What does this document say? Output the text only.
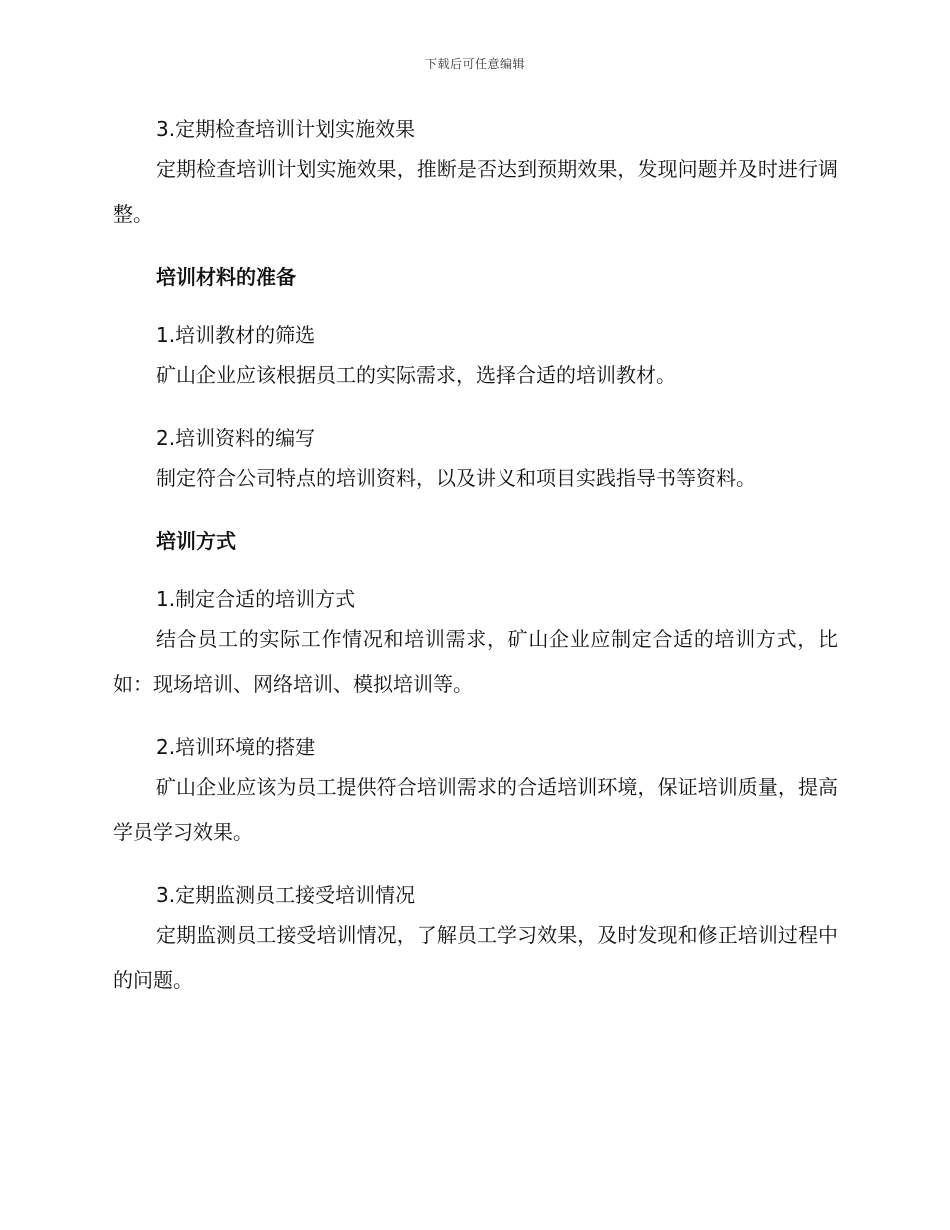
下载后可任意编辑

3.定期检查培训计划实施效果

定期检查培训计划实施效果，推断是否达到预期效果，发现问题并及时进行调整。

培训材料的准备

1.培训教材的筛选

矿山企业应该根据员工的实际需求，选择合适的培训教材。

2.培训资料的编写

制定符合公司特点的培训资料，以及讲义和项目实践指导书等资料。

培训方式

1.制定合适的培训方式

结合员工的实际工作情况和培训需求，矿山企业应制定合适的培训方式，比如：现场培训、网络培训、模拟培训等。

2.培训环境的搭建

矿山企业应该为员工提供符合培训需求的合适培训环境，保证培训质量，提高学员学习效果。

3.定期监测员工接受培训情况

定期监测员工接受培训情况，了解员工学习效果，及时发现和修正培训过程中的问题。
